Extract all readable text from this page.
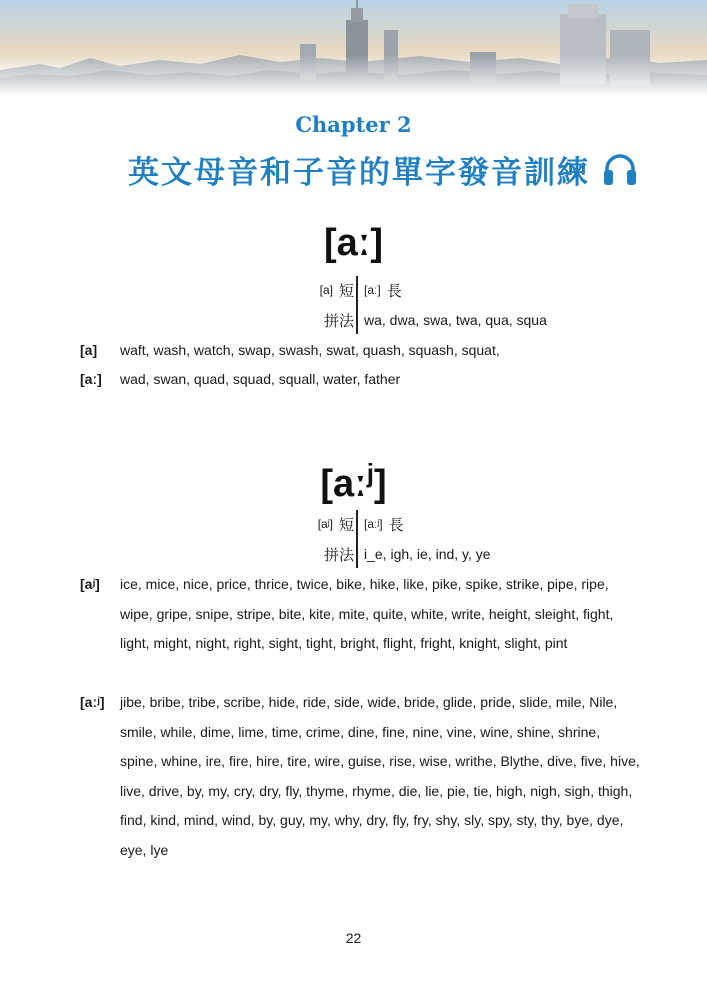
Chapter 2
英文母音和子音的單字發音訓練
[aː]
[a] 短 [aː] 長
拼法 wa, dwa, swa, twa, qua, squa
[a]	waft, wash, watch, swap, swash, swat, quash, squash, squat,
[aː]	wad, swan, quad, squad, squall, water, father
[aː$^j$]
[aʲ] 短 [aːʲ] 長
拼法 i_e, igh, ie, ind, y, ye
[aʲ]	ice, mice, nice, price, thrice, twice, bike, hike, like, pike, spike, strike, pipe, ripe, wipe, gripe, snipe, stripe, bite, kite, mite, quite, white, write, height, sleight, fight, light, might, night, right, sight, tight, bright, flight, fright, knight, slight, pint
[aːʲ]	jibe, bribe, tribe, scribe, hide, ride, side, wide, bride, glide, pride, slide, mile, Nile, smile, while, dime, lime, time, crime, dine, fine, nine, vine, wine, shine, shrine, spine, whine, ire, fire, hire, tire, wire, guise, rise, wise, writhe, Blythe, dive, five, hive, live, drive, by, my, cry, dry, fly, thyme, rhyme, die, lie, pie, tie, high, nigh, sigh, thigh, find, kind, mind, wind, by, guy, my, why, dry, fly, fry, shy, sly, spy, sty, thy, bye, dye, eye, lye
22
